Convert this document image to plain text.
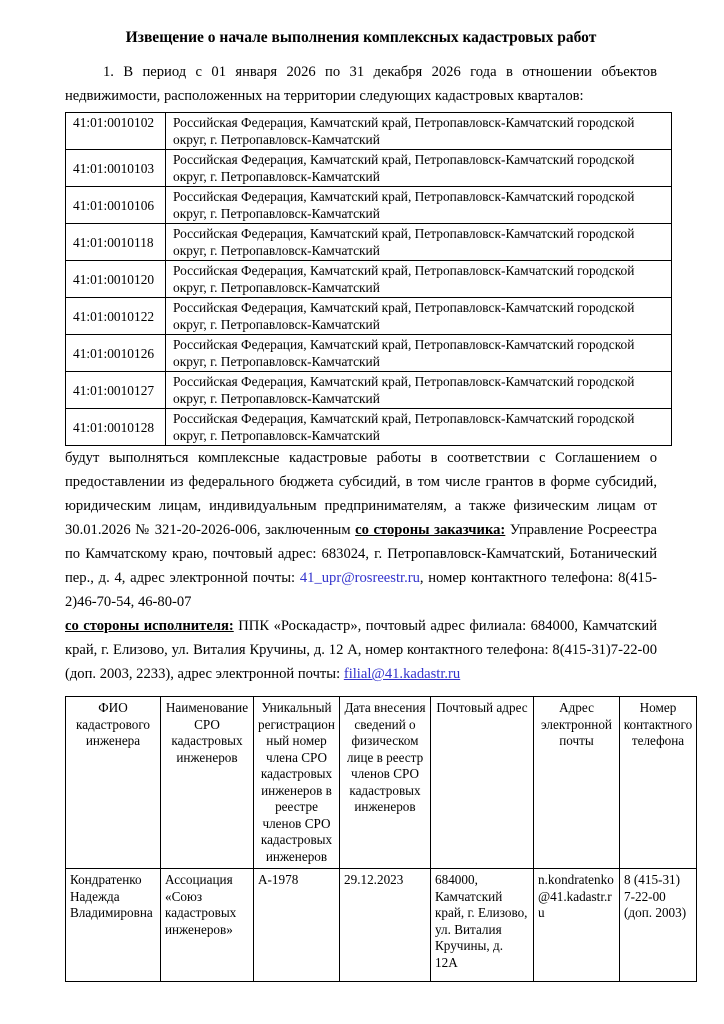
Извещение о начале выполнения комплексных кадастровых работ

1. В период с 01 января 2026 по 31 декабря 2026 года в отношении объектов недвижимости, расположенных на территории следующих кадастровых кварталов:

41:01:0010102	Российская Федерация, Камчатский край, Петропавловск-Камчатский городской округ, г. Петропавловск-Камчатский
41:01:0010103	Российская Федерация, Камчатский край, Петропавловск-Камчатский городской округ, г. Петропавловск-Камчатский
41:01:0010106	Российская Федерация, Камчатский край, Петропавловск-Камчатский городской округ, г. Петропавловск-Камчатский
41:01:0010118	Российская Федерация, Камчатский край, Петропавловск-Камчатский городской округ, г. Петропавловск-Камчатский
41:01:0010120	Российская Федерация, Камчатский край, Петропавловск-Камчатский городской округ, г. Петропавловск-Камчатский
41:01:0010122	Российская Федерация, Камчатский край, Петропавловск-Камчатский городской округ, г. Петропавловск-Камчатский
41:01:0010126	Российская Федерация, Камчатский край, Петропавловск-Камчатский городской округ, г. Петропавловск-Камчатский
41:01:0010127	Российская Федерация, Камчатский край, Петропавловск-Камчатский городской округ, г. Петропавловск-Камчатский
41:01:0010128	Российская Федерация, Камчатский край, Петропавловск-Камчатский городской округ, г. Петропавловск-Камчатский

будут выполняться комплексные кадастровые работы в соответствии с Соглашением о предоставлении из федерального бюджета субсидий, в том числе грантов в форме субсидий, юридическим лицам, индивидуальным предпринимателям, а также физическим лицам от 30.01.2026 № 321-20-2026-006, заключенным со стороны заказчика: Управление Росреестра по Камчатскому краю, почтовый адрес: 683024, г. Петропавловск-Камчатский, Ботанический пер., д. 4, адрес электронной почты: 41_upr@rosreestr.ru, номер контактного телефона: 8(415-2)46-70-54, 46-80-07

со стороны исполнителя: ППК «Роскадастр», почтовый адрес филиала: 684000, Камчатский край, г. Елизово, ул. Виталия Кручины, д. 12 А, номер контактного телефона: 8(415-31)7-22-00 (доп. 2003, 2233), адрес электронной почты: filial@41.kadastr.ru

ФИО кадастрового инженера	Наименование СРО кадастровых инженеров	Уникальный регистрационный номер члена СРО кадастровых инженеров в реестре членов СРО кадастровых инженеров	Дата внесения сведений о физическом лице в реестр членов СРО кадастровых инженеров	Почтовый адрес	Адрес электронной почты	Номер контактного телефона
Кондратенко Надежда Владимировна	Ассоциация «Союз кадастровых инженеров»	А-1978	29.12.2023	684000, Камчатский край, г. Елизово, ул. Виталия Кручины, д. 12А	n.kondratenko@41.kadastr.ru	8 (415-31) 7-22-00 (доп. 2003)
